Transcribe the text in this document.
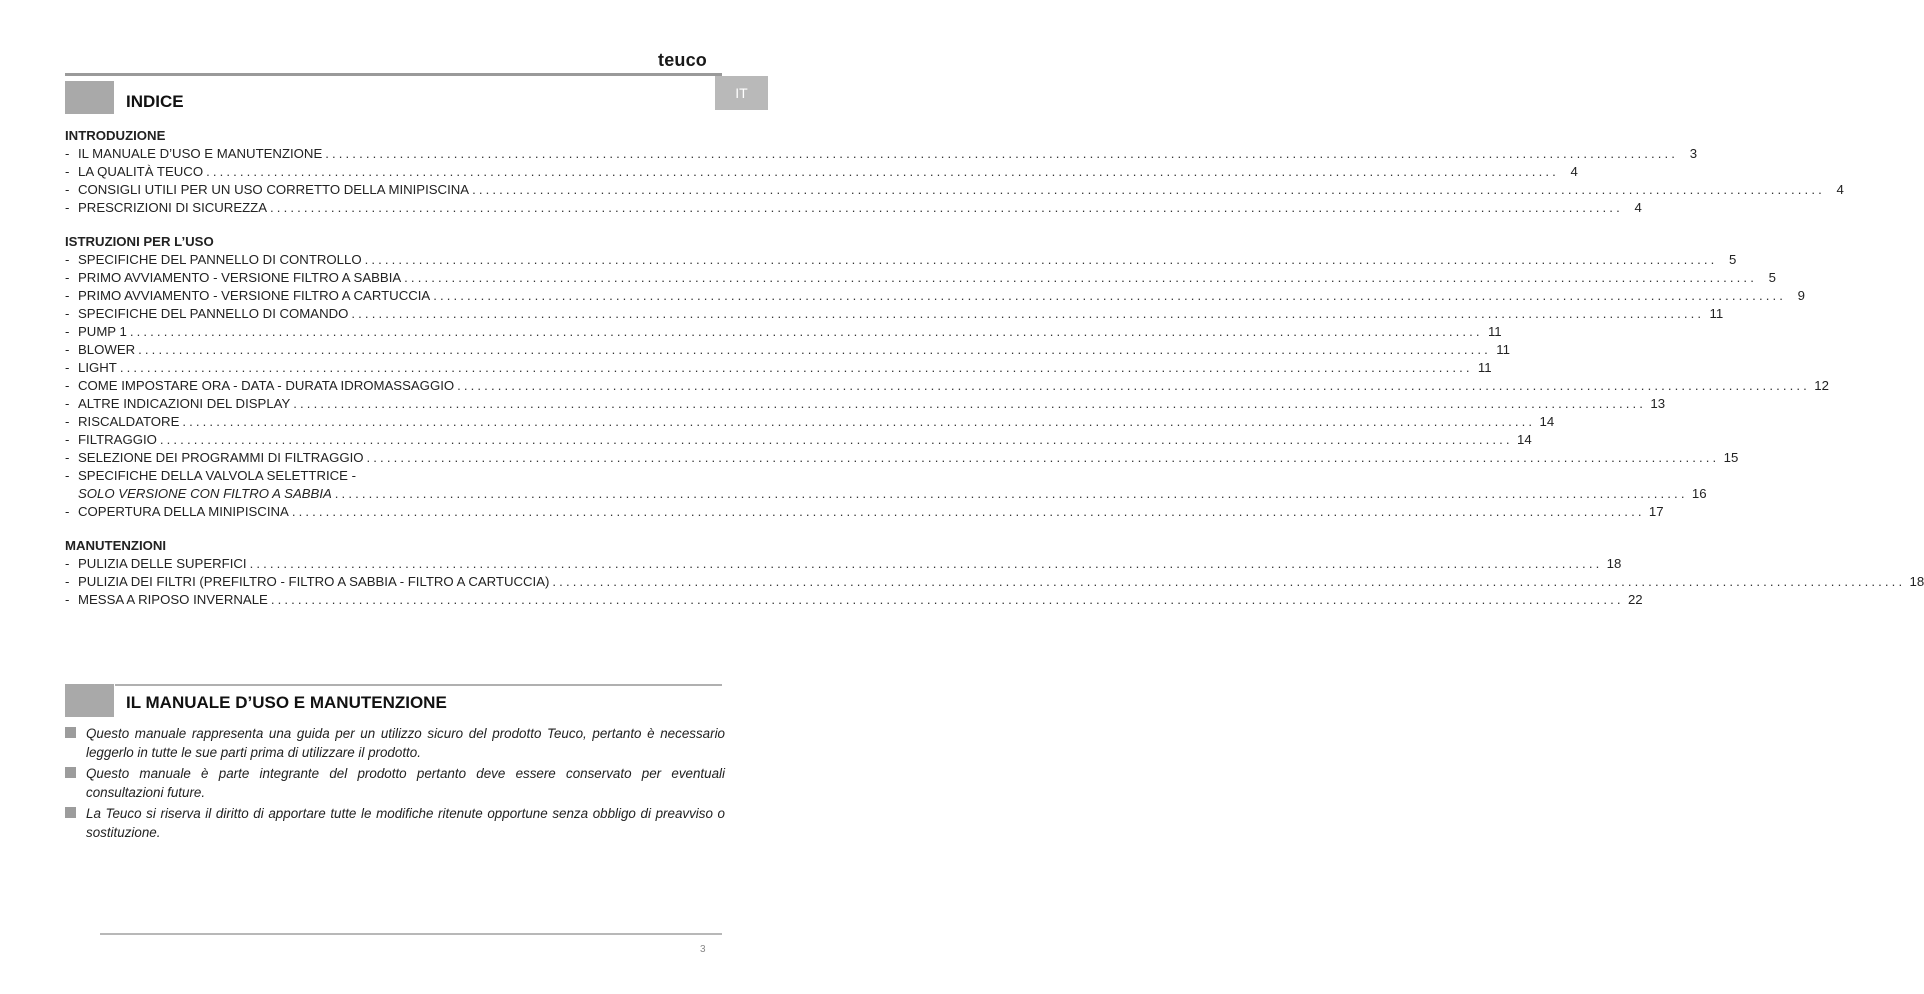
teuco
IT
INDICE
INTRODUZIONE
- IL MANUALE D’USO E MANUTENZIONE ........................................................................................................................................................................................................ 3
- LA QUALITÀ TEUCO ........................................................................................................................................................................................................ 4
- CONSIGLI UTILI PER UN USO CORRETTO DELLA MINIPISCINA ........................................................................................................................................................................................................ 4
- PRESCRIZIONI DI SICUREZZA ........................................................................................................................................................................................................ 4
ISTRUZIONI PER L’USO
- SPECIFICHE DEL PANNELLO DI CONTROLLO ........................................................................................................................................................................................................ 5
- PRIMO AVVIAMENTO - VERSIONE FILTRO A SABBIA ........................................................................................................................................................................................................ 5
- PRIMO AVVIAMENTO - VERSIONE FILTRO A CARTUCCIA ........................................................................................................................................................................................................ 9
- SPECIFICHE DEL PANNELLO DI COMANDO ........................................................................................................................................................................................................ 11
- PUMP 1 ........................................................................................................................................................................................................ 11
- BLOWER ........................................................................................................................................................................................................ 11
- LIGHT ........................................................................................................................................................................................................ 11
- COME IMPOSTARE ORA - DATA - DURATA IDROMASSAGGIO ........................................................................................................................................................................................................ 12
- ALTRE INDICAZIONI DEL DISPLAY ........................................................................................................................................................................................................ 13
- RISCALDATORE ........................................................................................................................................................................................................ 14
- FILTRAGGIO ........................................................................................................................................................................................................ 14
- SELEZIONE DEI PROGRAMMI DI FILTRAGGIO ........................................................................................................................................................................................................ 15
- SPECIFICHE DELLA VALVOLA SELETTRICE -
SOLO VERSIONE CON FILTRO A SABBIA ........................................................................................................................................................................................................ 16
- COPERTURA DELLA MINIPISCINA ........................................................................................................................................................................................................ 17
MANUTENZIONI
- PULIZIA DELLE SUPERFICI ........................................................................................................................................................................................................ 18
- PULIZIA DEI FILTRI (PREFILTRO - FILTRO A SABBIA - FILTRO A CARTUCCIA) ........................................................................................................................................................................................................ 18
- MESSA A RIPOSO INVERNALE ........................................................................................................................................................................................................ 22
IL MANUALE D’USO E MANUTENZIONE
Questo manuale rappresenta una guida per un utilizzo sicuro del prodotto Teuco, pertanto è necessario leggerlo in tutte le sue parti prima di utilizzare il prodotto.
Questo manuale è parte integrante del prodotto pertanto deve essere conservato per eventuali consultazioni future.
La Teuco si riserva il diritto di apportare tutte le modifiche ritenute opportune senza obbligo di preavviso o sostituzione.
3
